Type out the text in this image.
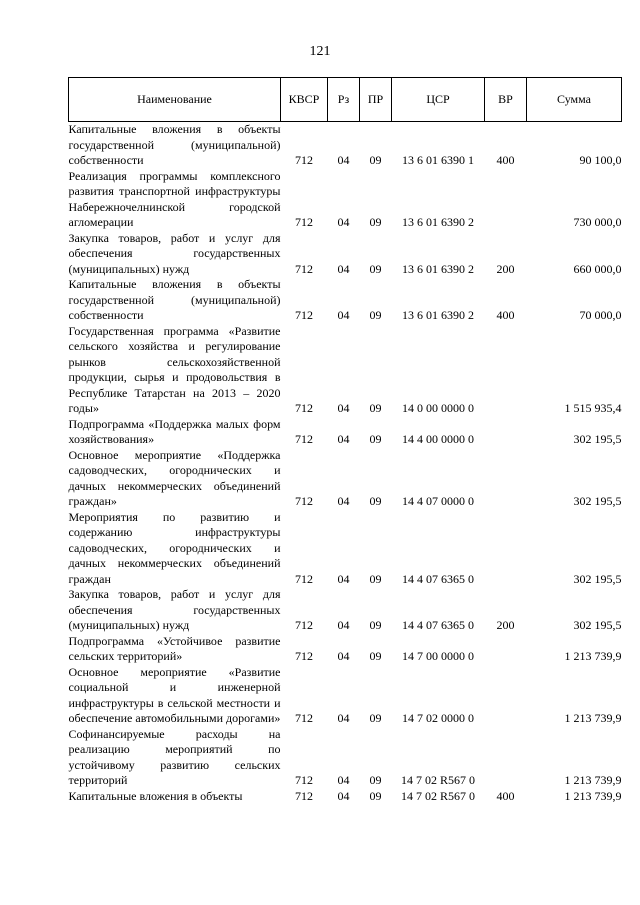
121
Наименование	КВСР	Рз	ПР	ЦСР	ВР	Сумма
Капитальные вложения в объекты государственной (муниципальной) собственности	712	04	09	13 6 01 6390 1	400	90 100,0
Реализация программы комплексного развития транспортной инфраструктуры Набережночелнинской городской агломерации	712	04	09	13 6 01 6390 2		730 000,0
Закупка товаров, работ и услуг для обеспечения государственных (муниципальных) нужд	712	04	09	13 6 01 6390 2	200	660 000,0
Капитальные вложения в объекты государственной (муниципальной) собственности	712	04	09	13 6 01 6390 2	400	70 000,0
Государственная программа «Развитие сельского хозяйства и регулирование рынков сельскохозяйственной продукции, сырья и продовольствия в Республике Татарстан на 2013 – 2020 годы»	712	04	09	14 0 00 0000 0		1 515 935,4
Подпрограмма «Поддержка малых форм хозяйствования»	712	04	09	14 4 00 0000 0		302 195,5
Основное мероприятие «Поддержка садоводческих, огороднических и дачных некоммерческих объединений граждан»	712	04	09	14 4 07 0000 0		302 195,5
Мероприятия по развитию и содержанию инфраструктуры садоводческих, огороднических и дачных некоммерческих объединений граждан	712	04	09	14 4 07 6365 0		302 195,5
Закупка товаров, работ и услуг для обеспечения государственных (муниципальных) нужд	712	04	09	14 4 07 6365 0	200	302 195,5
Подпрограмма «Устойчивое развитие сельских территорий»	712	04	09	14 7 00 0000 0		1 213 739,9
Основное мероприятие «Развитие социальной и инженерной инфраструктуры в сельской местности и обеспечение автомобильными дорогами»	712	04	09	14 7 02 0000 0		1 213 739,9
Софинансируемые расходы на реализацию мероприятий по устойчивому развитию сельских территорий	712	04	09	14 7 02 R567 0		1 213 739,9
Капитальные вложения в объекты	712	04	09	14 7 02 R567 0	400	1 213 739,9
